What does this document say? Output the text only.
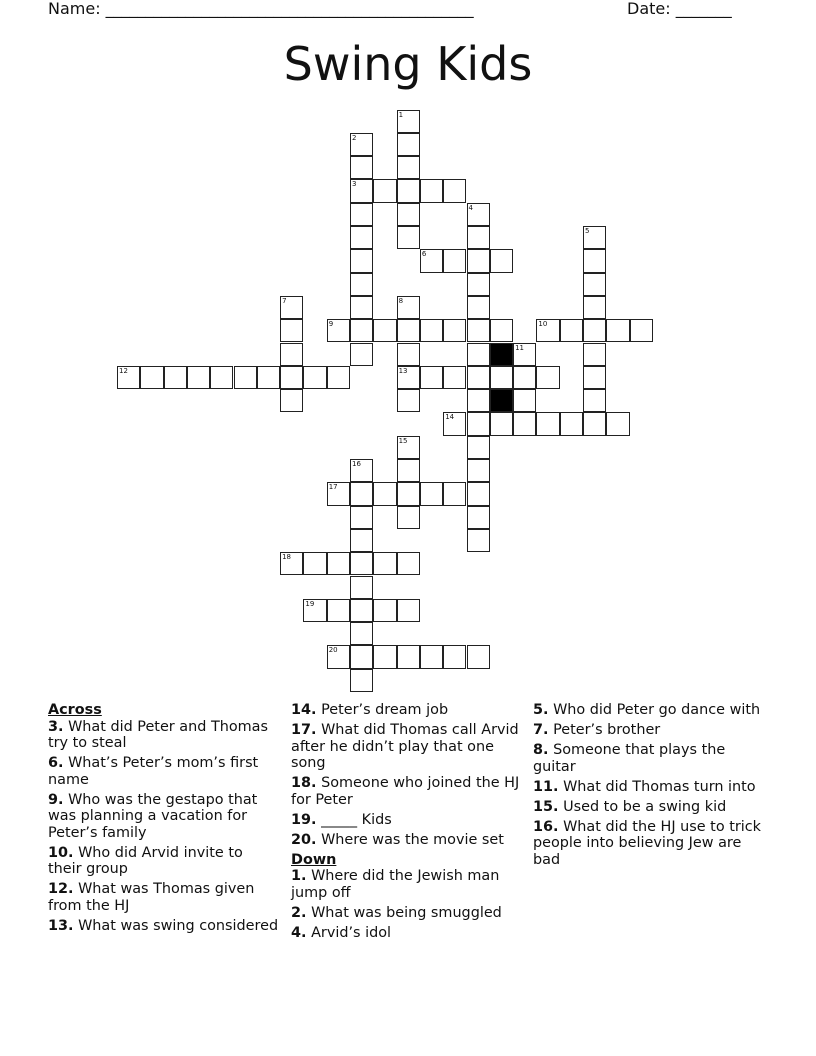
Name: ______________________________________________	Date: _______
Swing Kids
1
2
3
4
5
6
7	8
13
9	10
11
12
14
15
16
17
18
19
20
Across
3. What did Peter and Thomas try to steal
6. What’s Peter’s mom’s first name
9. Who was the gestapo that was planning a vacation for Peter’s family
10. Who did Arvid invite to their group
12. What was Thomas given from the HJ
13. What was swing considered
14. Peter’s dream job
17. What did Thomas call Arvid after he didn’t play that one song
18. Someone who joined the HJ for Peter
19. _____ Kids
20. Where was the movie set
Down
1. Where did the Jewish man jump off
2. What was being smuggled
4. Arvid’s idol
5. Who did Peter go dance with
7. Peter’s brother
8. Someone that plays the guitar
11. What did Thomas turn into
15. Used to be a swing kid
16. What did the HJ use to trick people into believing Jew are bad
